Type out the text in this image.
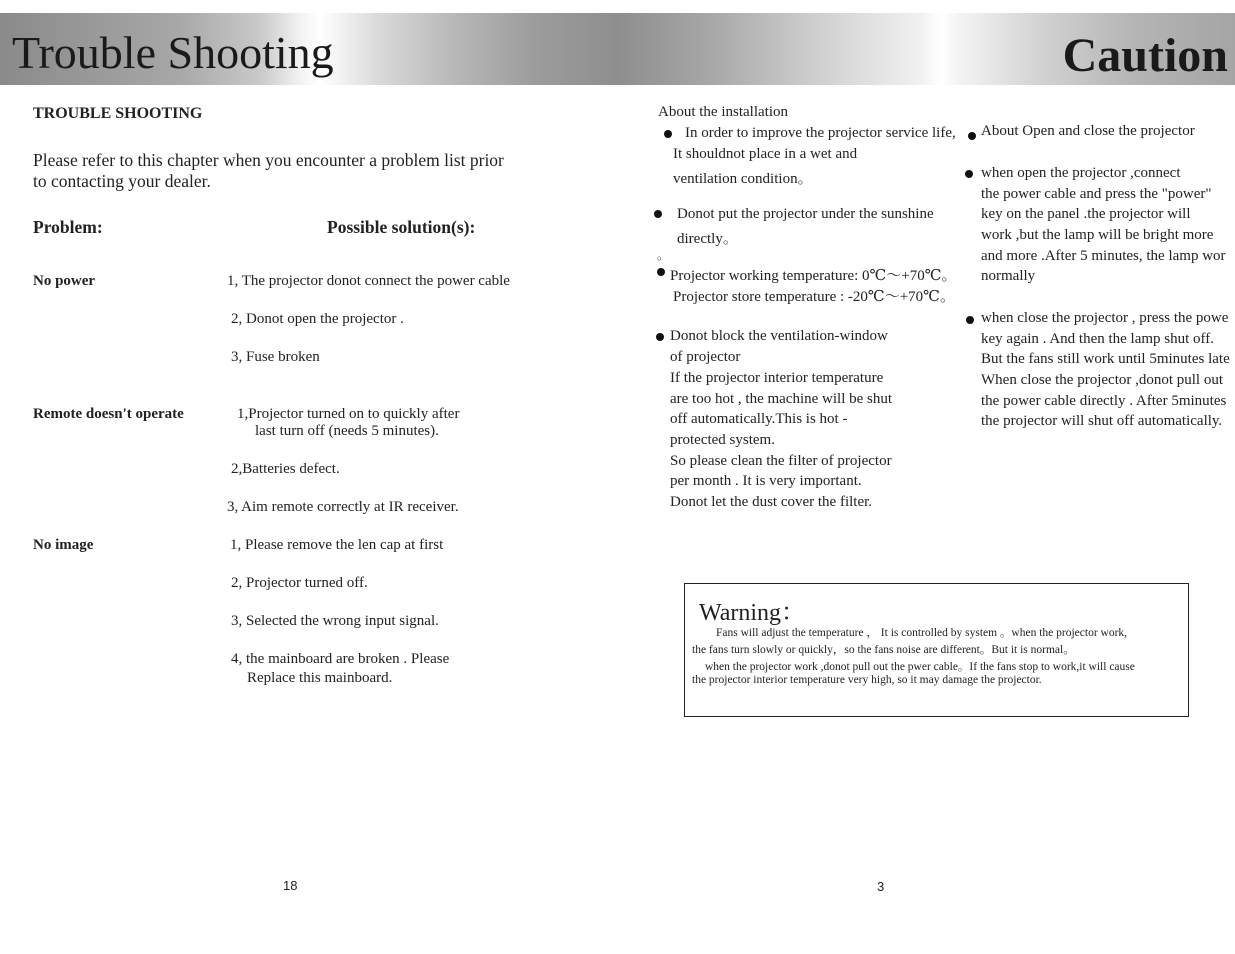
Trouble Shooting	Caution
TROUBLE SHOOTING
Please refer to this chapter when you encounter a problem list prior
to contacting your dealer.
Problem:	Possible solution(s):
No power	1, The projector donot connect the power cable
2, Donot open the projector .
3, Fuse broken
Remote doesn't operate	1,Projector turned on to quickly after
last turn off (needs 5 minutes).
2,Batteries defect.
3, Aim remote correctly at IR receiver.
No image	1, Please remove the len cap at first
2, Projector turned off.
3, Selected the wrong input signal.
4, the mainboard are broken . Please
Replace this mainboard.
18
About the installation
In order to improve the projector service life,
It shouldnot place in a wet and
ventilation condition。
Donot put the projector under the sunshine
directly。
。
Projector working temperature: 0℃～+70℃。
Projector store temperature : -20℃～+70℃。
Donot block the ventilation-window
of projector
If the projector interior temperature
are too hot , the machine will be shut
off automatically.This is hot -
protected system.
So please clean the filter of projector
per month . It is very important.
Donot let the dust cover the filter.
About Open and close the projector
when open the projector ,connect
the power cable and press the "power"
key on the panel .the projector will
work ,but the lamp will be bright more
and more .After 5 minutes, the lamp wor
normally
when close the projector , press the powe
key again . And then the lamp shut off.
But the fans still work until 5minutes late
When close the projector ,donot pull out
the power cable directly . After 5minutes
the projector will shut off automatically.
Warning：
Fans will adjust the temperature ， It is controlled by system 。when the projector work,
the fans turn slowly or quickly，so the fans noise are different。But it is normal。
when the projector work ,donot pull out the pwer cable。If the fans stop to work,it will cause
the projector interior temperature very high, so it may damage the projector.
3
